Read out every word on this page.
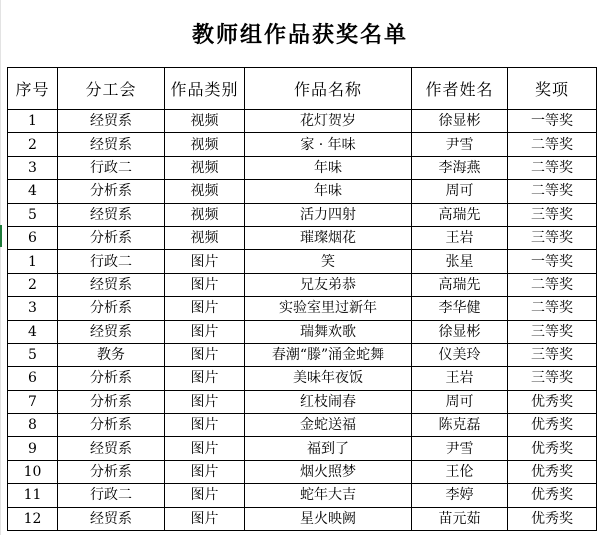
教师组作品获奖名单
序号	分工会	作品类别	作品名称	作者姓名	奖项
1	经贸系	视频	花灯贺岁	徐显彬	一等奖
2	经贸系	视频	家 · 年味	尹雪	二等奖
3	行政二	视频	年味	李海燕	二等奖
4	分析系	视频	年味	周可	二等奖
5	经贸系	视频	活力四射	高瑞先	三等奖
6	分析系	视频	璀璨烟花	王岩	三等奖
1	行政二	图片	笑	张星	一等奖
2	经贸系	图片	兄友弟恭	高瑞先	二等奖
3	分析系	图片	实验室里过新年	李华健	二等奖
4	经贸系	图片	瑞舞欢歌	徐显彬	三等奖
5	教务	图片	春潮“滕”涌金蛇舞	仪美玲	三等奖
6	分析系	图片	美味年夜饭	王岩	三等奖
7	分析系	图片	红枝闹春	周可	优秀奖
8	分析系	图片	金蛇送福	陈克磊	优秀奖
9	经贸系	图片	福到了	尹雪	优秀奖
10	分析系	图片	烟火照梦	王伦	优秀奖
11	行政二	图片	蛇年大吉	李婷	优秀奖
12	经贸系	图片	星火映阙	苗元茹	优秀奖
